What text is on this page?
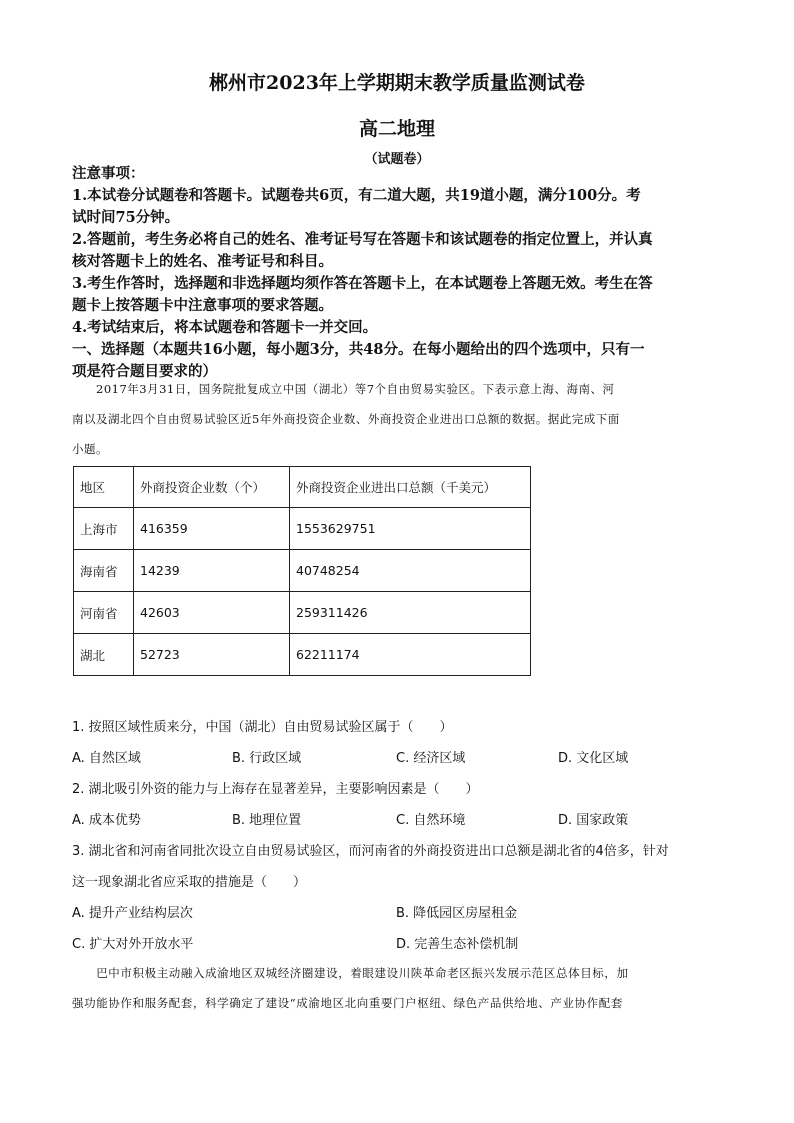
郴州市2023年上学期期末教学质量监测试卷
高二地理
（试题卷）
注意事项：
1.本试卷分试题卷和答题卡。试题卷共6页，有二道大题，共19道小题，满分100分。考
试时间75分钟。
2.答题前，考生务必将自己的姓名、准考证号写在答题卡和该试题卷的指定位置上，并认真
核对答题卡上的姓名、准考证号和科目。
3.考生作答时，选择题和非选择题均须作答在答题卡上，在本试题卷上答题无效。考生在答
题卡上按答题卡中注意事项的要求答题。
4.考试结束后，将本试题卷和答题卡一并交回。
一、选择题（本题共16小题，每小题3分，共48分。在每小题给出的四个选项中，只有一
项是符合题目要求的）
　　2017年3月31日，国务院批复成立中国（湖北）等7个自由贸易实验区。下表示意上海、海南、河
南以及湖北四个自由贸易试验区近5年外商投资企业数、外商投资企业进出口总额的数据。据此完成下面
小题。
地区	外商投资企业数（个）	外商投资企业进出口总额（千美元）
上海市	416359	1553629751
海南省	14239	40748254
河南省	42603	259311426
湖北	52723	62211174
1. 按照区域性质来分，中国（湖北）自由贸易试验区属于（　　）
A. 自然区域	B. 行政区域	C. 经济区域	D. 文化区域
2. 湖北吸引外资的能力与上海存在显著差异，主要影响因素是（　　）
A. 成本优势	B. 地理位置	C. 自然环境	D. 国家政策
3. 湖北省和河南省同批次设立自由贸易试验区，而河南省的外商投资进出口总额是湖北省的4倍多，针对
这一现象湖北省应采取的措施是（　　）
A. 提升产业结构层次	B. 降低园区房屋租金
C. 扩大对外开放水平	D. 完善生态补偿机制
　　巴中市积极主动融入成渝地区双城经济圈建设，着眼建设川陕革命老区振兴发展示范区总体目标，加
强功能协作和服务配套，科学确定了建设“成渝地区北向重要门户枢纽、绿色产品供给地、产业协作配套
